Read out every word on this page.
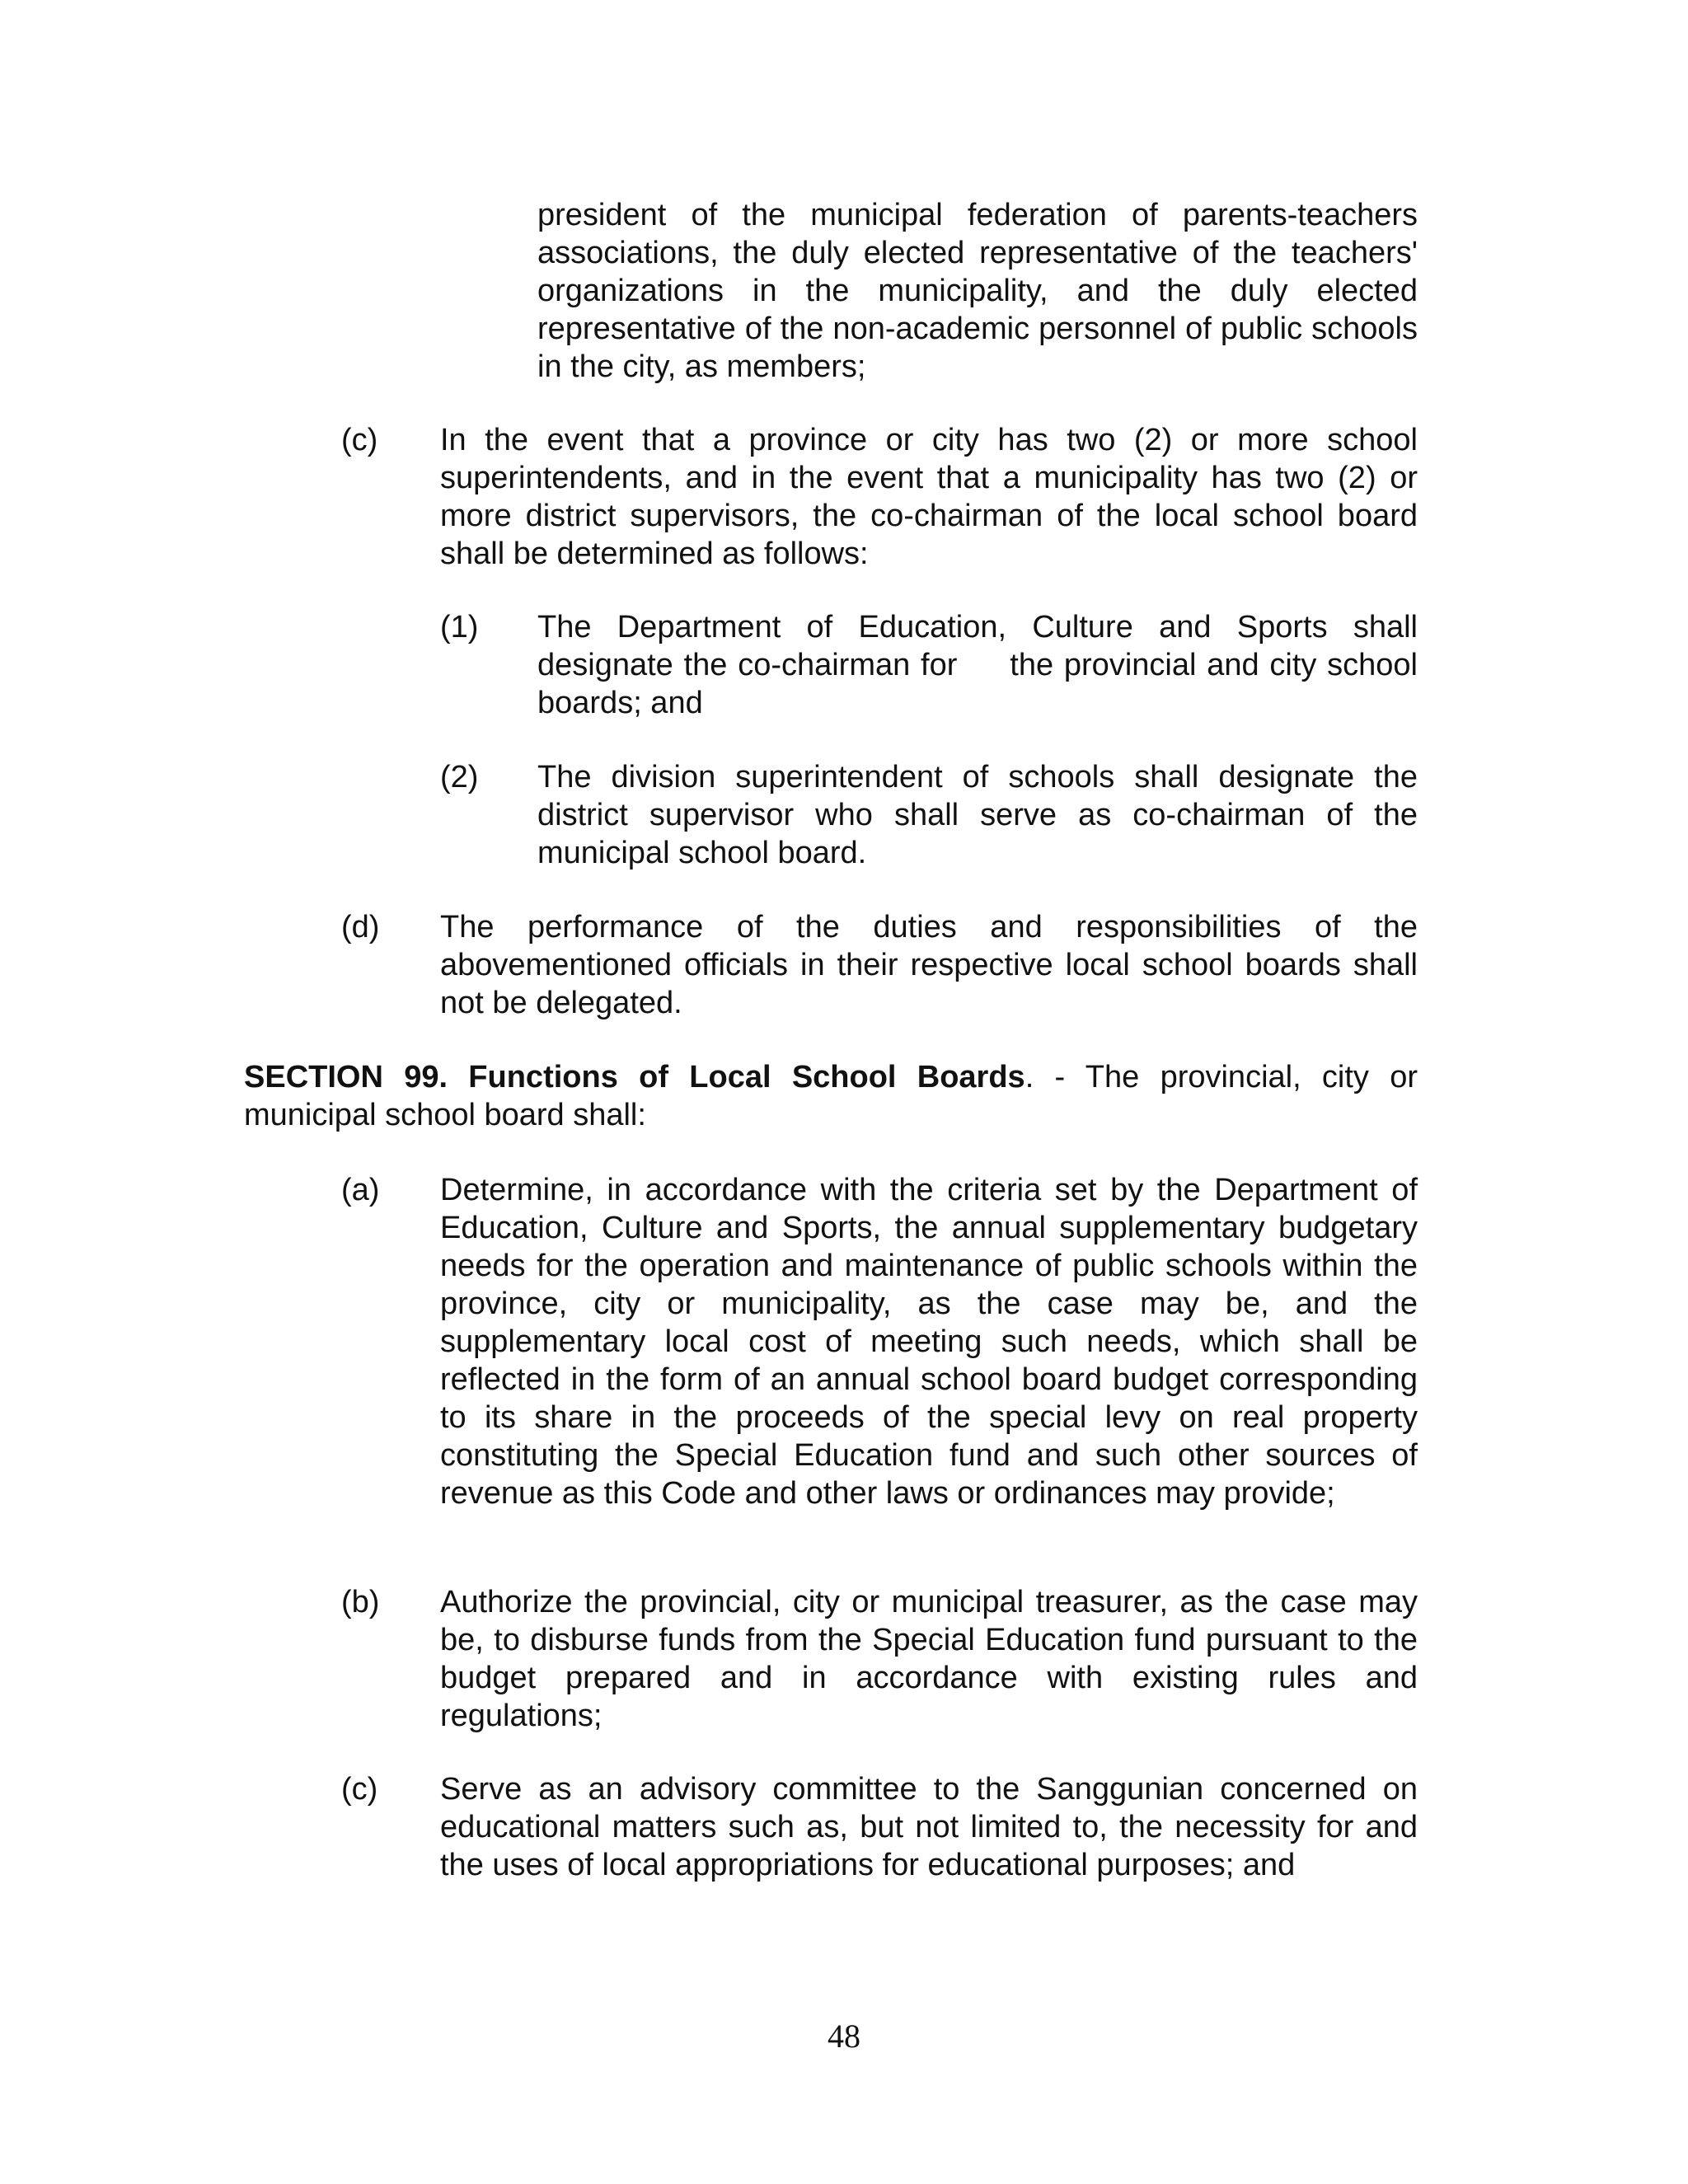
president of the municipal federation of parents-teachers associations, the duly elected representative of the teachers' organizations in the municipality, and the duly elected representative of the non-academic personnel of public schools in the city, as members;

(c) In the event that a province or city has two (2) or more school superintendents, and in the event that a municipality has two (2) or more district supervisors, the co-chairman of the local school board shall be determined as follows:

(1) The Department of Education, Culture and Sports shall designate the co-chairman for     the provincial and city school boards; and

(2) The division superintendent of schools shall designate the district supervisor who shall serve as co-chairman of the municipal school board.

(d) The performance of the duties and responsibilities of the abovementioned officials in their respective local school boards shall not be delegated.

SECTION 99. Functions of Local School Boards. - The provincial, city or municipal school board shall:

(a) Determine, in accordance with the criteria set by the Department of Education, Culture and Sports, the annual supplementary budgetary needs for the operation and maintenance of public schools within the province, city or municipality, as the case may be, and the supplementary local cost of meeting such needs, which shall be reflected in the form of an annual school board budget corresponding to its share in the proceeds of the special levy on real property constituting the Special Education fund and such other sources of revenue as this Code and other laws or ordinances may provide;

(b) Authorize the provincial, city or municipal treasurer, as the case may be, to disburse funds from the Special Education fund pursuant to the budget prepared and in accordance with existing rules and regulations;

(c) Serve as an advisory committee to the Sanggunian concerned on educational matters such as, but not limited to, the necessity for and the uses of local appropriations for educational purposes; and

48
